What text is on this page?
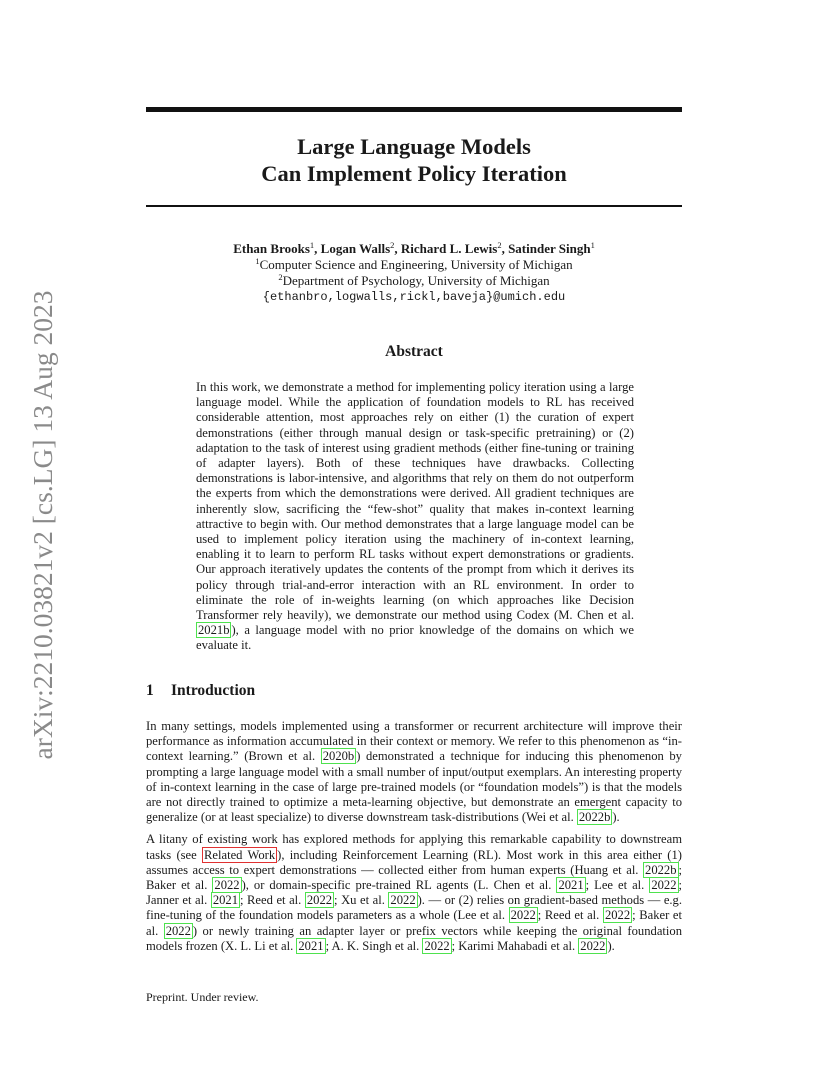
arXiv:2210.03821v2 [cs.LG] 13 Aug 2023
Large Language Models
Can Implement Policy Iteration
Ethan Brooks$^1$, Logan Walls$^2$, Richard L. Lewis$^2$, Satinder Singh$^1$
$^1$Computer Science and Engineering, University of Michigan
$^2$Department of Psychology, University of Michigan
{ethanbro,logwalls,rickl,baveja}@umich.edu
Abstract
In this work, we demonstrate a method for implementing policy iteration using a large language model. While the application of foundation models to RL has received considerable attention, most approaches rely on either (1) the curation of expert demonstrations (either through manual design or task-specific pretraining) or (2) adaptation to the task of interest using gradient methods (either fine-tuning or training of adapter layers). Both of these techniques have drawbacks. Collecting demonstrations is labor-intensive, and algorithms that rely on them do not outperform the experts from which the demonstrations were derived. All gradient techniques are inherently slow, sacrificing the “few-shot” quality that makes in-context learning attractive to begin with. Our method demonstrates that a large language model can be used to implement policy iteration using the machinery of in-context learning, enabling it to learn to perform RL tasks without expert demonstrations or gradients. Our approach iteratively updates the contents of the prompt from which it derives its policy through trial-and-error interaction with an RL environment. In order to eliminate the role of in-weights learning (on which approaches like Decision Transformer rely heavily), we demonstrate our method using Codex (M. Chen et al. 2021b ), a language model with no prior knowledge of the domains on which we evaluate it.
1 Introduction

In many settings, models implemented using a transformer or recurrent architecture will improve their performance as information accumulated in their context or memory. We refer to this phenomenon as “in-context learning.” (Brown et al. 2020b ) demonstrated a technique for inducing this phenomenon by prompting a large language model with a small number of input/output exemplars. An interesting property of in-context learning in the case of large pre-trained models (or “foundation models”) is that the models are not directly trained to optimize a meta-learning objective, but demonstrate an emergent capacity to generalize (or at least specialize) to diverse downstream task-distributions (Wei et al. 2022b ).

A litany of existing work has explored methods for applying this remarkable capability to downstream tasks (see Related Work ), including Reinforcement Learning (RL). Most work in this area either (1) assumes access to expert demonstrations — collected either from human experts (Huang et al. 2022b ; Baker et al. 2022 ), or domain-specific pre-trained RL agents (L. Chen et al. 2021 ; Lee et al. 2022 ; Janner et al. 2021 ; Reed et al. 2022 ; Xu et al. 2022 ). — or (2) relies on gradient-based methods — e.g. fine-tuning of the foundation models parameters as a whole (Lee et al. 2022 ; Reed et al. 2022 ; Baker et al. 2022 ) or newly training an adapter layer or prefix vectors while keeping the original foundation models frozen (X. L. Li et al. 2021 ; A. K. Singh et al. 2022 ; Karimi Mahabadi et al. 2022 ).

Preprint. Under review.
